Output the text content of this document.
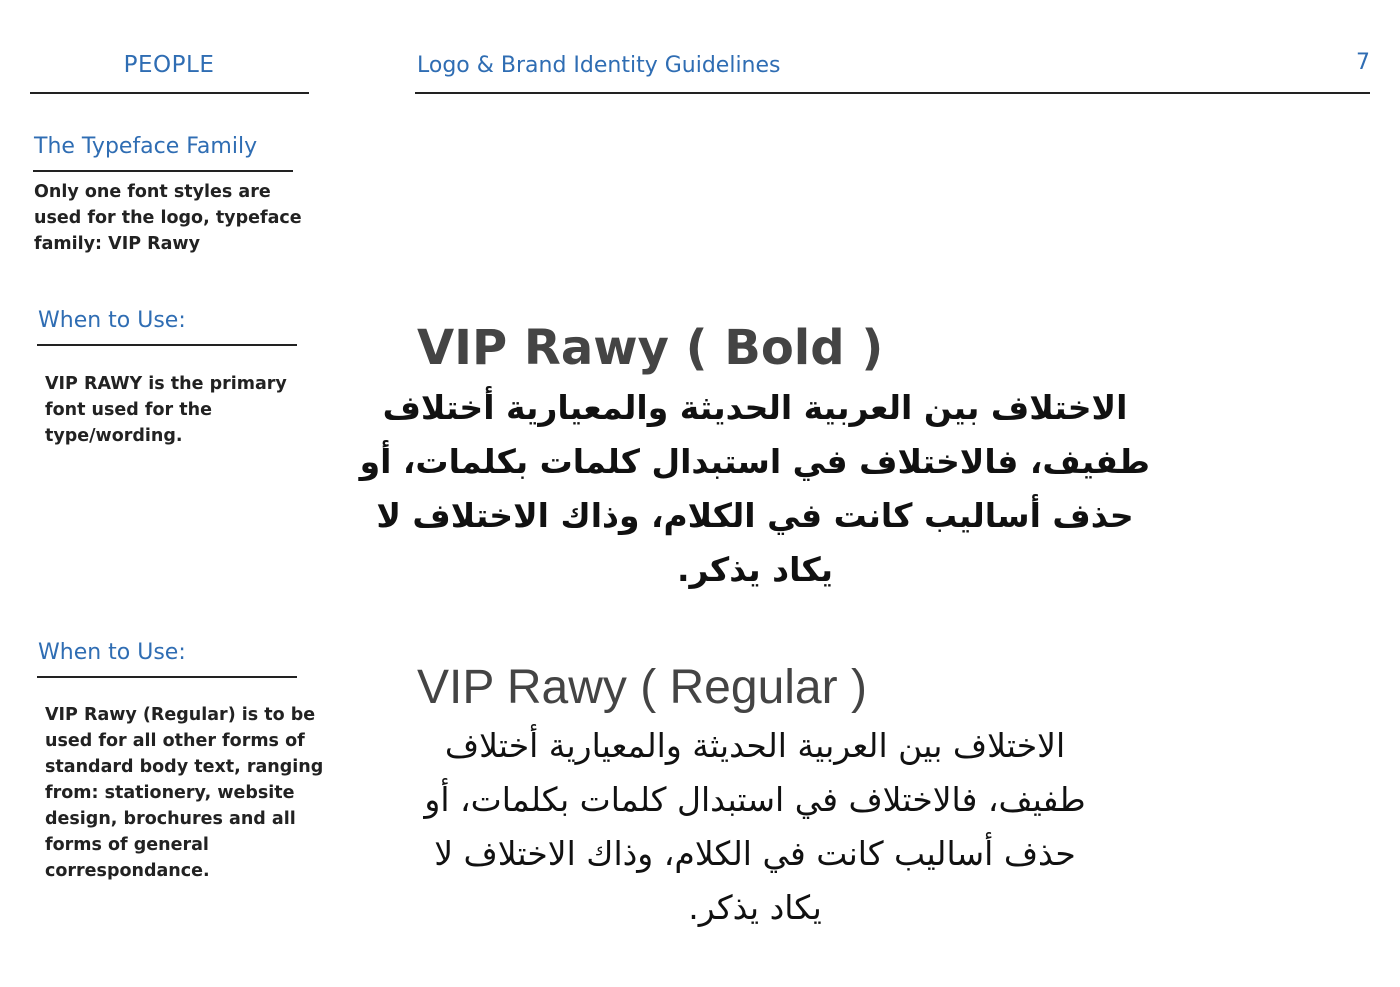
PEOPLE	Logo & Brand Identity Guidelines	7
The Typeface Family
Only one font styles are
used for the logo, typeface
family: VIP Rawy
When to Use:
VIP RAWY is the primary
font used for the
type/wording.
When to Use:
VIP Rawy (Regular) is to be
used for all other forms of
standard body text, ranging
from: stationery, website
design, brochures and all
forms of general
correspondance.
VIP Rawy ( Bold )
الاختلاف بين العربية الحديثة والمعيارية أختلاف
طفيف، فالاختلاف في استبدال كلمات بكلمات، أو
حذف أساليب كانت في الكلام، وذاك الاختلاف لا
يكاد يذكر.
VIP Rawy ( Regular )
الاختلاف بين العربية الحديثة والمعيارية أختلاف
طفيف، فالاختلاف في استبدال كلمات بكلمات، أو
حذف أساليب كانت في الكلام، وذاك الاختلاف لا
يكاد يذكر.
